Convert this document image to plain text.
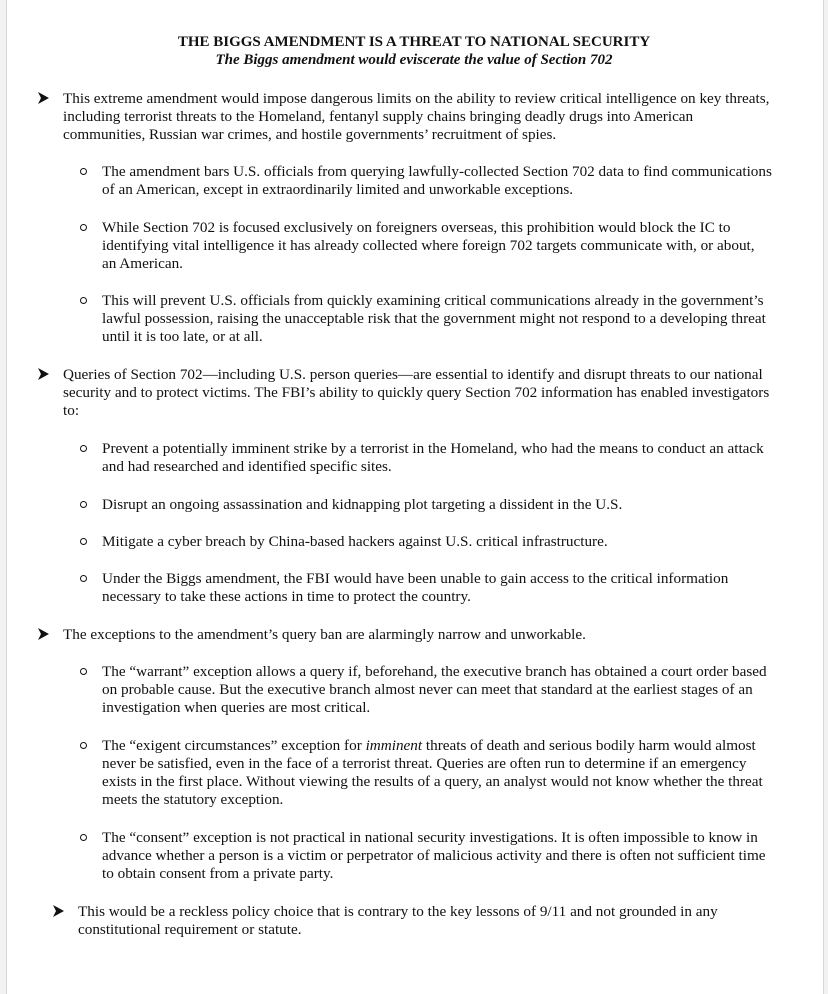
THE BIGGS AMENDMENT IS A THREAT TO NATIONAL SECURITY
The Biggs amendment would eviscerate the value of Section 702
This extreme amendment would impose dangerous limits on the ability to review critical intelligence on key threats, including terrorist threats to the Homeland, fentanyl supply chains bringing deadly drugs into American communities, Russian war crimes, and hostile governments’ recruitment of spies.
The amendment bars U.S. officials from querying lawfully-collected Section 702 data to find communications of an American, except in extraordinarily limited and unworkable exceptions.
While Section 702 is focused exclusively on foreigners overseas, this prohibition would block the IC to identifying vital intelligence it has already collected where foreign 702 targets communicate with, or about, an American.
This will prevent U.S. officials from quickly examining critical communications already in the government’s lawful possession, raising the unacceptable risk that the government might not respond to a developing threat until it is too late, or at all.
Queries of Section 702—including U.S. person queries—are essential to identify and disrupt threats to our national security and to protect victims. The FBI’s ability to quickly query Section 702 information has enabled investigators to:
Prevent a potentially imminent strike by a terrorist in the Homeland, who had the means to conduct an attack and had researched and identified specific sites.
Disrupt an ongoing assassination and kidnapping plot targeting a dissident in the U.S.
Mitigate a cyber breach by China-based hackers against U.S. critical infrastructure.
Under the Biggs amendment, the FBI would have been unable to gain access to the critical information necessary to take these actions in time to protect the country.
The exceptions to the amendment’s query ban are alarmingly narrow and unworkable.
The “warrant” exception allows a query if, beforehand, the executive branch has obtained a court order based on probable cause. But the executive branch almost never can meet that standard at the earliest stages of an investigation when queries are most critical.
The “exigent circumstances” exception for imminent threats of death and serious bodily harm would almost never be satisfied, even in the face of a terrorist threat. Queries are often run to determine if an emergency exists in the first place. Without viewing the results of a query, an analyst would not know whether the threat meets the statutory exception.
The “consent” exception is not practical in national security investigations. It is often impossible to know in advance whether a person is a victim or perpetrator of malicious activity and there is often not sufficient time to obtain consent from a private party.
This would be a reckless policy choice that is contrary to the key lessons of 9/11 and not grounded in any constitutional requirement or statute.
